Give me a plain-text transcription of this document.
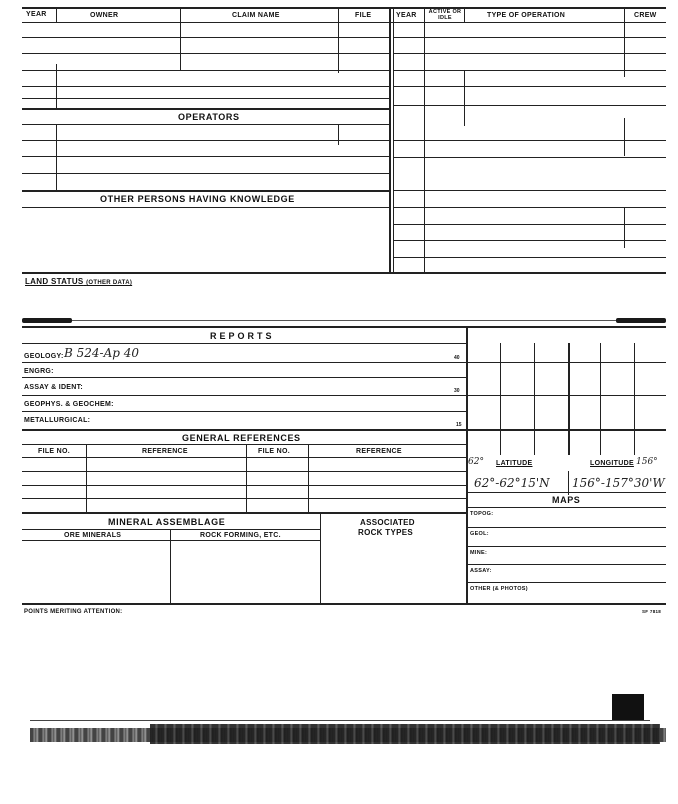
YEAR	OWNER	CLAIM NAME	FILE	YEAR ACTIVE OR IDLE	TYPE OF OPERATION	CREW
OPERATORS
OTHER PERSONS HAVING KNOWLEDGE
LAND STATUS (OTHER DATA)
REPORTS
GEOLOGY: B 524-Ap 40	40
ENGRG:
ASSAY & IDENT:	30
GEOPHYS. & GEOCHEM:
METALLURGICAL:
15
GENERAL REFERENCES
FILE NO.	REFERENCE	FILE NO.	REFERENCE
MINERAL ASSEMBLAGE	ASSOCIATED
ROCK TYPES
ORE MINERALS	ROCK FORMING, ETC.
62° LATITUDE	LONGITUDE 156°
62°-62°15'N 156°-157°30'W
MAPS
TOPOG:
GEOL:
MINE:
ASSAY:
OTHER (& PHOTOS)
POINTS MERITING ATTENTION:	SF 7818
